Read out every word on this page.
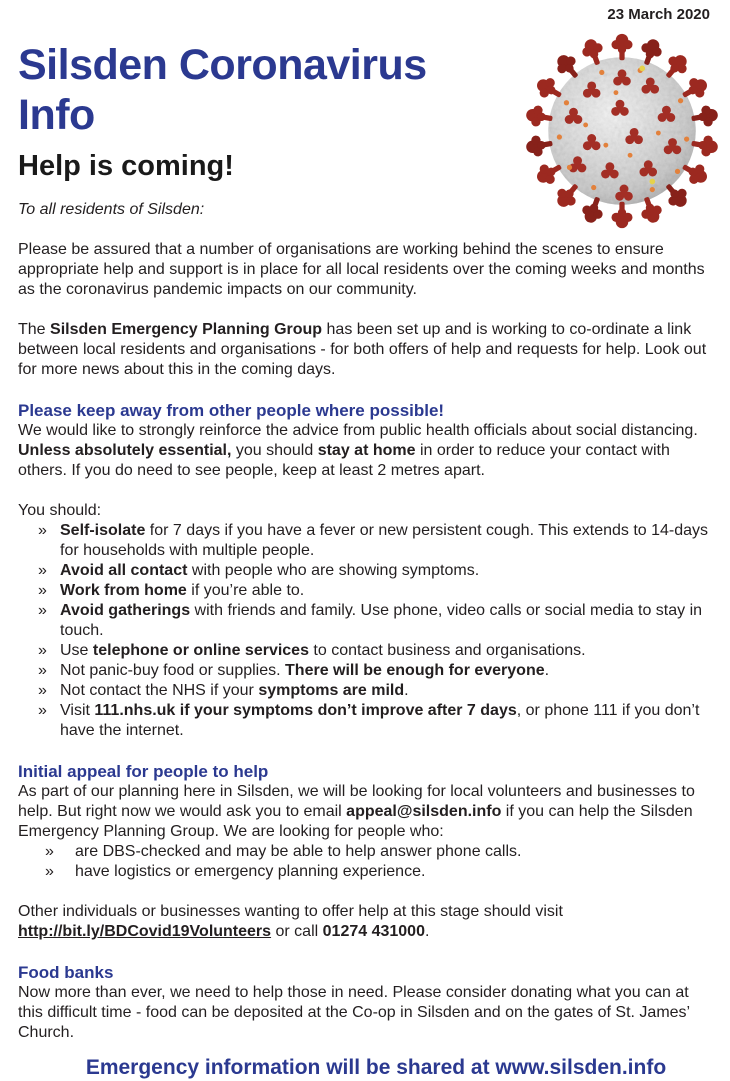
23 March 2020
Silsden Coronavirus Info
Help is coming!
To all residents of Silsden:

Please be assured that a number of organisations are working behind the scenes to ensure appropriate help and support is in place for all local residents over the coming weeks and months as the coronavirus pandemic impacts on our community.

The Silsden Emergency Planning Group has been set up and is working to co-ordinate a link between local residents and organisations - for both offers of help and requests for help. Look out for more news about this in the coming days.

Please keep away from other people where possible!

We would like to strongly reinforce the advice from public health officials about social distancing. Unless absolutely essential, you should stay at home in order to reduce your contact with others. If you do need to see people, keep at least 2 metres apart.

You should:

» Self-isolate for 7 days if you have a fever or new persistent cough. This extends to 14-days for households with multiple people.
» Avoid all contact with people who are showing symptoms.
» Work from home if you’re able to.
» Avoid gatherings with friends and family. Use phone, video calls or social media to stay in touch.
» Use telephone or online services to contact business and organisations.
» Not panic-buy food or supplies. There will be enough for everyone.
» Not contact the NHS if your symptoms are mild.
» Visit 111.nhs.uk if your symptoms don’t improve after 7 days, or phone 111 if you don’t have the internet.
Initial appeal for people to help

As part of our planning here in Silsden, we will be looking for local volunteers and businesses to help. But right now we would ask you to email appeal@silsden.info if you can help the Silsden Emergency Planning Group. We are looking for people who:

» are DBS-checked and may be able to help answer phone calls.
» have logistics or emergency planning experience.

Other individuals or businesses wanting to offer help at this stage should visit http://bit.ly/BDCovid19Volunteers or call 01274 431000.

Food banks

Now more than ever, we need to help those in need. Please consider donating what you can at this difficult time - food can be deposited at the Co-op in Silsden and on the gates of St. James’ Church.

Emergency information will be shared at www.silsden.info
